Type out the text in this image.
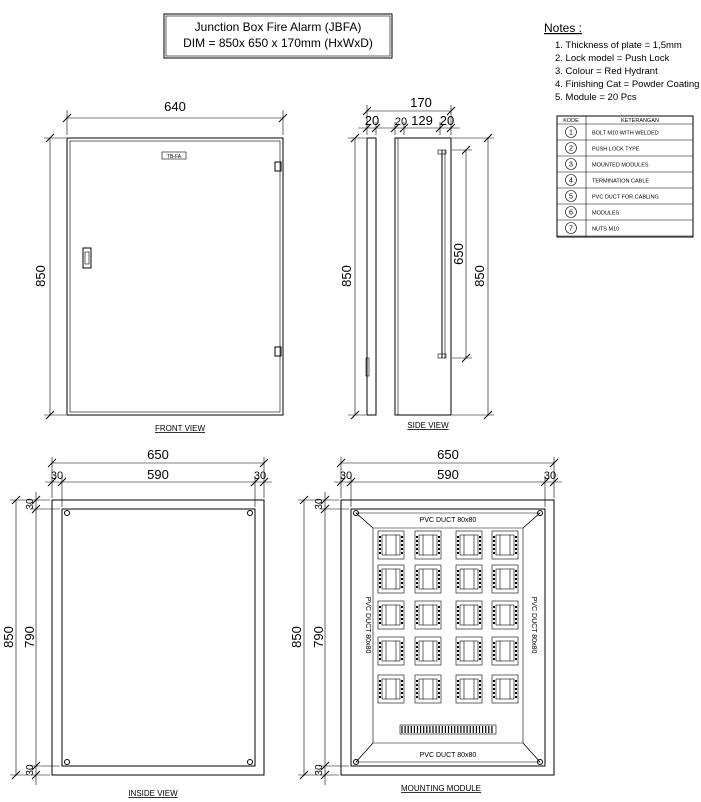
Junction Box Fire Alarm (JBFA)
DIM = 850x 650 x 170mm (HxWxD)
Notes :
1. Thickness of plate = 1,5mm
2. Lock model = Push Lock
3. Colour = Red Hydrant
4. Finishing Cat = Powder Coating
5. Module = 20 Pcs
KODE	KETERANGAN
1	BOLT M10 WITH WELDED
2	PUSH LOCK TYPE
3	MOUNTED MODULES
4	TERMINATION CABLE
5	PVC DUCT FOR CABLING
6	MODULES
7	NUTS M10
TB-FA
640
850
FRONT VIEW
170
20 20 129 20
850
650
850
SIDE VIEW
650
590
30	30
850 790
30
30
INSIDE VIEW
PVC DUCT 80x80
PVC DUCT 80x80
PVC DUCT 80x80	PVC DUCT 80x80
650
590
30	30
850 790
30
30
MOUNTING MODULE
